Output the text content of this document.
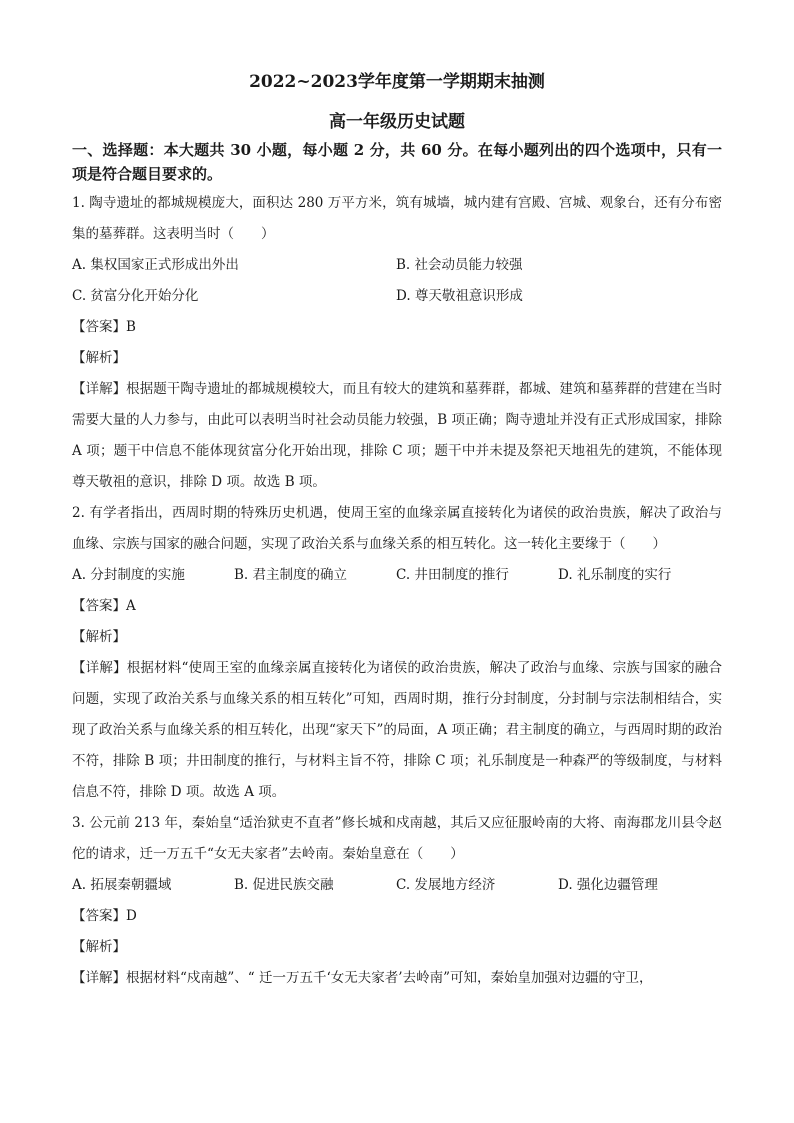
2022~2023学年度第一学期期末抽测
高一年级历史试题
一、选择题：本大题共 30 小题，每小题 2 分，共 60 分。在每小题列出的四个选项中，只有一项是符合题目要求的。

1. 陶寺遗址的都城规模庞大，面积达 280 万平方米，筑有城墙，城内建有宫殿、宫城、观象台，还有分布密集的墓葬群。这表明当时（　　）

A. 集权国家正式形成出外出	B. 社会动员能力较强
C. 贫富分化开始分化	D. 尊天敬祖意识形成

【答案】B

【解析】

【详解】根据题干陶寺遗址的都城规模较大，而且有较大的建筑和墓葬群，都城、建筑和墓葬群的营建在当时需要大量的人力参与，由此可以表明当时社会动员能力较强，B 项正确；陶寺遗址并没有正式形成国家，排除 A 项；题干中信息不能体现贫富分化开始出现，排除 C 项；题干中并未提及祭祀天地祖先的建筑，不能体现尊天敬祖的意识，排除 D 项。故选 B 项。

2. 有学者指出，西周时期的特殊历史机遇，使周王室的血缘亲属直接转化为诸侯的政治贵族，解决了政治与血缘、宗族与国家的融合问题，实现了政治关系与血缘关系的相互转化。这一转化主要缘于（　　）

A. 分封制度的实施	B. 君主制度的确立	C. 井田制度的推行	D. 礼乐制度的实行

【答案】A

【解析】

【详解】根据材料“使周王室的血缘亲属直接转化为诸侯的政治贵族，解决了政治与血缘、宗族与国家的融合问题，实现了政治关系与血缘关系的相互转化”可知，西周时期，推行分封制度，分封制与宗法制相结合，实现了政治关系与血缘关系的相互转化，出现“家天下”的局面，A 项正确；君主制度的确立，与西周时期的政治不符，排除 B 项；井田制度的推行，与材料主旨不符，排除 C 项；礼乐制度是一种森严的等级制度，与材料信息不符，排除 D 项。故选 A 项。

3. 公元前 213 年，秦始皇“适治狱吏不直者”修长城和戍南越，其后又应征服岭南的大将、南海郡龙川县令赵佗的请求，迁一万五千“女无夫家者”去岭南。秦始皇意在（　　）

A. 拓展秦朝疆域	B. 促进民族交融	C. 发展地方经济	D. 强化边疆管理

【答案】D

【解析】

【详解】根据材料“戍南越”、“ 迁一万五千‘女无夫家者’去岭南”可知，秦始皇加强对边疆的守卫，
